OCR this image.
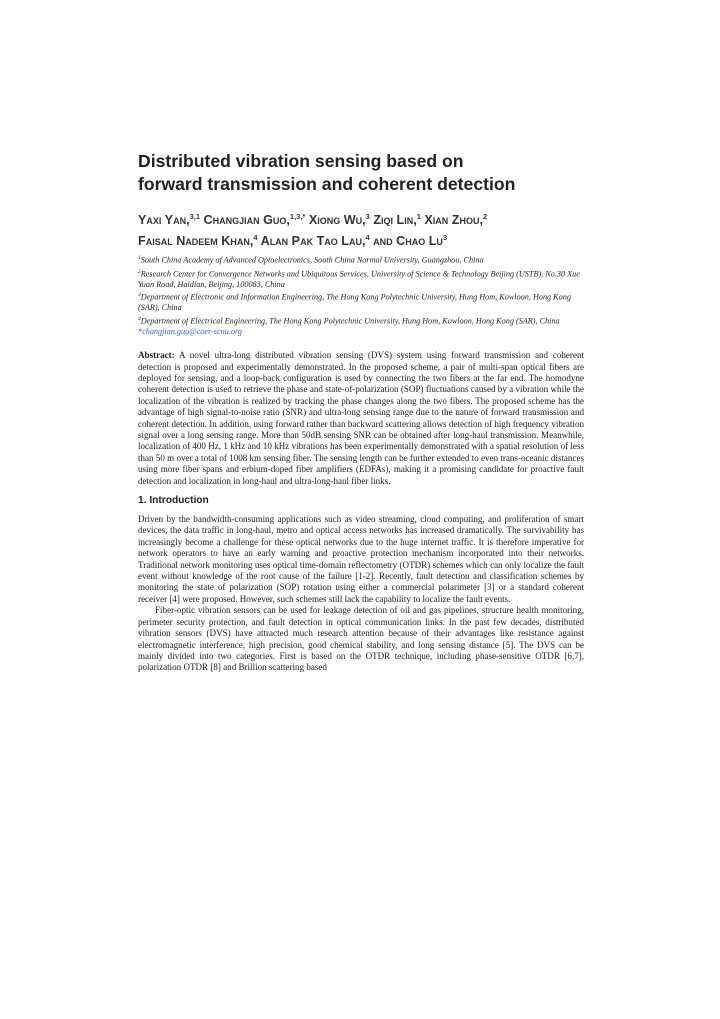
Distributed vibration sensing based on
forward transmission and coherent detection
Yaxi Yan,$^{3,1}$ Changjian Guo,$^{1,3,*}$ Xiong Wu,$^3$ Ziqi Lin,$^1$ Xian Zhou,$^2$
Faisal Nadeem Khan,$^4$ Alan Pak Tao Lau,$^4$ and Chao Lu$^3$

$^1$South China Academy of Advanced Optoelectronics, South China Normal University, Guangzhou, China

$^2$Research Center for Convergence Networks and Ubiquitous Services, University of Science & Technology Beijing (USTB), No.30 Xue Yuan Road, Haidian, Beijing, 100083, China

$^3$Department of Electronic and Information Engineering, The Hong Kong Polytechnic University, Hung Hom, Kowloon, Hong Kong (SAR), China

$^4$Department of Electrical Engineering, The Hong Kong Polytechnic University, Hung Hom, Kowloon, Hong Kong (SAR), China

*changjian.guo@coer-scnu.org

Abstract: A novel ultra-long distributed vibration sensing (DVS) system using forward transmission and coherent detection is proposed and experimentally demonstrated. In the proposed scheme, a pair of multi-span optical fibers are deployed for sensing, and a loop-back configuration is used by connecting the two fibers at the far end. The homodyne coherent detection is used to retrieve the phase and state-of-polarization (SOP) fluctuations caused by a vibration while the localization of the vibration is realized by tracking the phase changes along the two fibers. The proposed scheme has the advantage of high signal-to-noise ratio (SNR) and ultra-long sensing range due to the nature of forward transmission and coherent detection. In addition, using forward rather than backward scattering allows detection of high frequency vibration signal over a long sensing range. More than 50dB sensing SNR can be obtained after long-haul transmission. Meanwhile, localization of 400 Hz, 1 kHz and 10 kHz vibrations has been experimentally demonstrated with a spatial resolution of less than 50 m over a total of 1008 km sensing fiber. The sensing length can be further extended to even trans-oceanic distances using more fiber spans and erbium-doped fiber amplifiers (EDFAs), making it a promising candidate for proactive fault detection and localization in long-haul and ultra-long-haul fiber links.

1. Introduction

Driven by the bandwidth-consuming applications such as video streaming, cloud computing, and proliferation of smart devices, the data traffic in long-haul, metro and optical access networks has increased dramatically. The survivability has increasingly become a challenge for these optical networks due to the huge internet traffic. It is therefore imperative for network operators to have an early warning and proactive protection mechanism incorporated into their networks. Traditional network monitoring uses optical time-domain reflectometry (OTDR) schemes which can only localize the fault event without knowledge of the root cause of the failure [1-2]. Recently, fault detection and classification schemes by monitoring the state of polarization (SOP) rotation using either a commercial polarimeter [3] or a standard coherent receiver [4] were proposed. However, such schemes still lack the capability to localize the fault events.

Fiber-optic vibration sensors can be used for leakage detection of oil and gas pipelines, structure health monitoring, perimeter security protection, and fault detection in optical communication links. In the past few decades, distributed vibration sensors (DVS) have attracted much research attention because of their advantages like resistance against electromagnetic interference, high precision, good chemical stability, and long sensing distance [5]. The DVS can be mainly divided into two categories. First is based on the OTDR technique, including phase-sensitive OTDR [6,7], polarization OTDR [8] and Brillion scattering based
